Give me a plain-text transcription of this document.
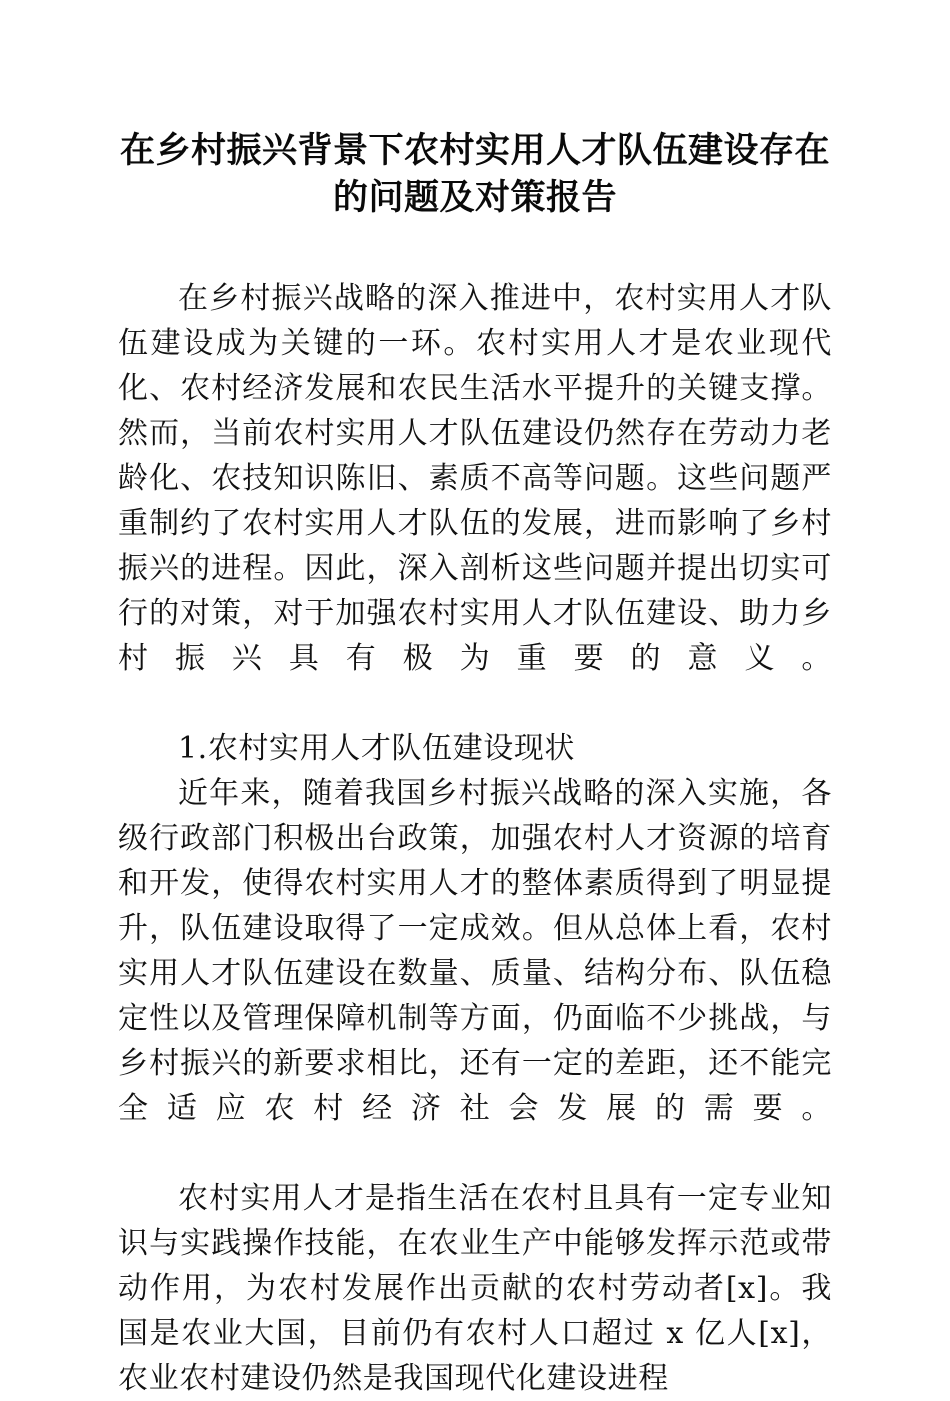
在乡村振兴背景下农村实用人才队伍建设存在
的问题及对策报告

在乡村振兴战略的深入推进中，农村实用人才队伍建设成为关键的一环。农村实用人才是农业现代化、农村经济发展和农民生活水平提升的关键支撑。然而，当前农村实用人才队伍建设仍然存在劳动力老龄化、农技知识陈旧、素质不高等问题。这些问题严重制约了农村实用人才队伍的发展，进而影响了乡村振兴的进程。因此，深入剖析这些问题并提出切实可行的对策，对于加强农村实用人才队伍建设、助力乡村振兴具有极为重要的意义。

1.农村实用人才队伍建设现状

近年来，随着我国乡村振兴战略的深入实施，各级行政部门积极出台政策，加强农村人才资源的培育和开发，使得农村实用人才的整体素质得到了明显提升，队伍建设取得了一定成效。但从总体上看，农村实用人才队伍建设在数量、质量、结构分布、队伍稳定性以及管理保障机制等方面，仍面临不少挑战，与乡村振兴的新要求相比，还有一定的差距，还不能完全适应农村经济社会发展的需要。

农村实用人才是指生活在农村且具有一定专业知识与实践操作技能，在农业生产中能够发挥示范或带动作用，为农村发展作出贡献的农村劳动者[x]。我国是农业大国，目前仍有农村人口超过 x 亿人[x]，农业农村建设仍然是我国现代化建设进程
